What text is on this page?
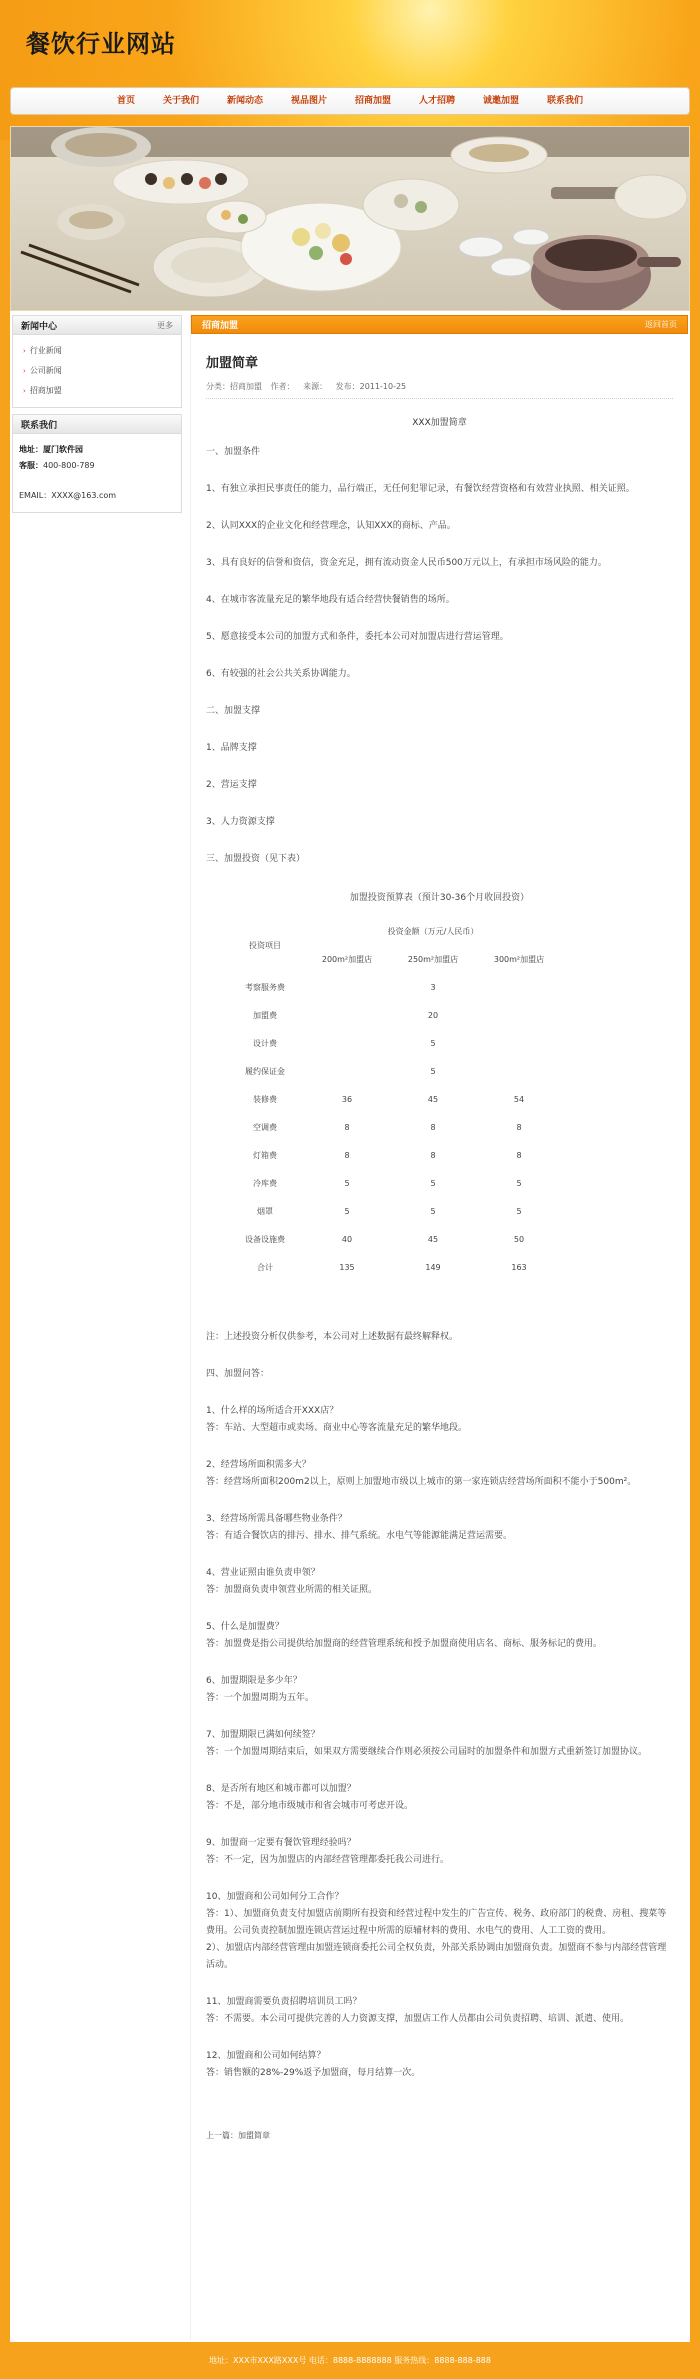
餐饮行业网站
首页	关于我们	新闻动态	视品图片	招商加盟	人才招聘	诚邀加盟	联系我们
新闻中心	更多
› 行业新闻
› 公司新闻
› 招商加盟
联系我们

地址：厦门软件园

客服：400-800-789

EMAIL：XXXX@163.com

招商加盟	返回首页
加盟简章
分类：招商加盟 作者： 来源： 发布：2011-10-25
XXX加盟简章
一、加盟条件
1、有独立承担民事责任的能力，品行端正，无任何犯罪记录，有餐饮经营资格和有效营业执照、相关证照。
2、认同XXX的企业文化和经营理念，认知XXX的商标、产品。
3、具有良好的信誉和资信，资金充足，拥有流动资金人民币500万元以上，有承担市场风险的能力。
4、在城市客流量充足的繁华地段有适合经营快餐销售的场所。
5、愿意接受本公司的加盟方式和条件，委托本公司对加盟店进行营运管理。
6、有较强的社会公共关系协调能力。
二、加盟支撑
1、品牌支撑
2、营运支撑
3、人力资源支撑
三、加盟投资（见下表）
加盟投资预算表（预计30-36个月收回投资）
投资项目	投资金额（万元/人民币）		
	200m²加盟店	250m²加盟店	300m²加盟店
考察服务费		3	
加盟费		20	
设计费		5	
履约保证金		5	
装修费	36	45	54
空调费	8	8	8
灯箱费	8	8	8
冷库费	5	5	5
烟罩	5	5	5
设备设施费	40	45	50
合计	135	149	163
注：上述投资分析仅供参考，本公司对上述数据有最终解释权。
四、加盟问答：
1、什么样的场所适合开XXX店？
答：车站、大型超市或卖场、商业中心等客流量充足的繁华地段。
2、经营场所面积需多大？
答：经营场所面积200m2以上，原则上加盟地市级以上城市的第一家连锁店经营场所面积不能小于500m²。
3、经营场所需具备哪些物业条件？
答：有适合餐饮店的排污、排水、排气系统。水电气等能源能满足营运需要。
4、营业证照由谁负责申领？
答：加盟商负责申领营业所需的相关证照。
5、什么是加盟费？
答：加盟费是指公司提供给加盟商的经营管理系统和授予加盟商使用店名、商标、服务标记的费用。
6、加盟期限是多少年？
答：一个加盟周期为五年。
7、加盟期限已满如何续签？
答：一个加盟周期结束后，如果双方需要继续合作则必须按公司届时的加盟条件和加盟方式重新签订加盟协议。
8、是否所有地区和城市都可以加盟？
答：不是，部分地市级城市和省会城市可考虑开设。
9、加盟商一定要有餐饮管理经验吗？
答：不一定，因为加盟店的内部经营管理都委托我公司进行。
10、加盟商和公司如何分工合作？
答：1）、加盟商负责支付加盟店前期所有投资和经营过程中发生的广告宣传、税务、政府部门的税费、房租、搜菜等费用。公司负责控制加盟连锁店营运过程中所需的原辅材料的费用、水电气的费用、人工工资的费用。
2）、加盟店内部经营管理由加盟连锁商委托公司全权负责，外部关系协调由加盟商负责。加盟商不参与内部经营管理活动。
11、加盟商需要负责招聘培训员工吗？
答：不需要。本公司可提供完善的人力资源支撑，加盟店工作人员都由公司负责招聘、培训、派遣、使用。
12、加盟商和公司如何结算？
答：销售额的28%-29%返予加盟商，每月结算一次。
上一篇：加盟简章
地址：XXX市XXX路XXX号 电话：8888-8888888 服务热线：8888-888-888
